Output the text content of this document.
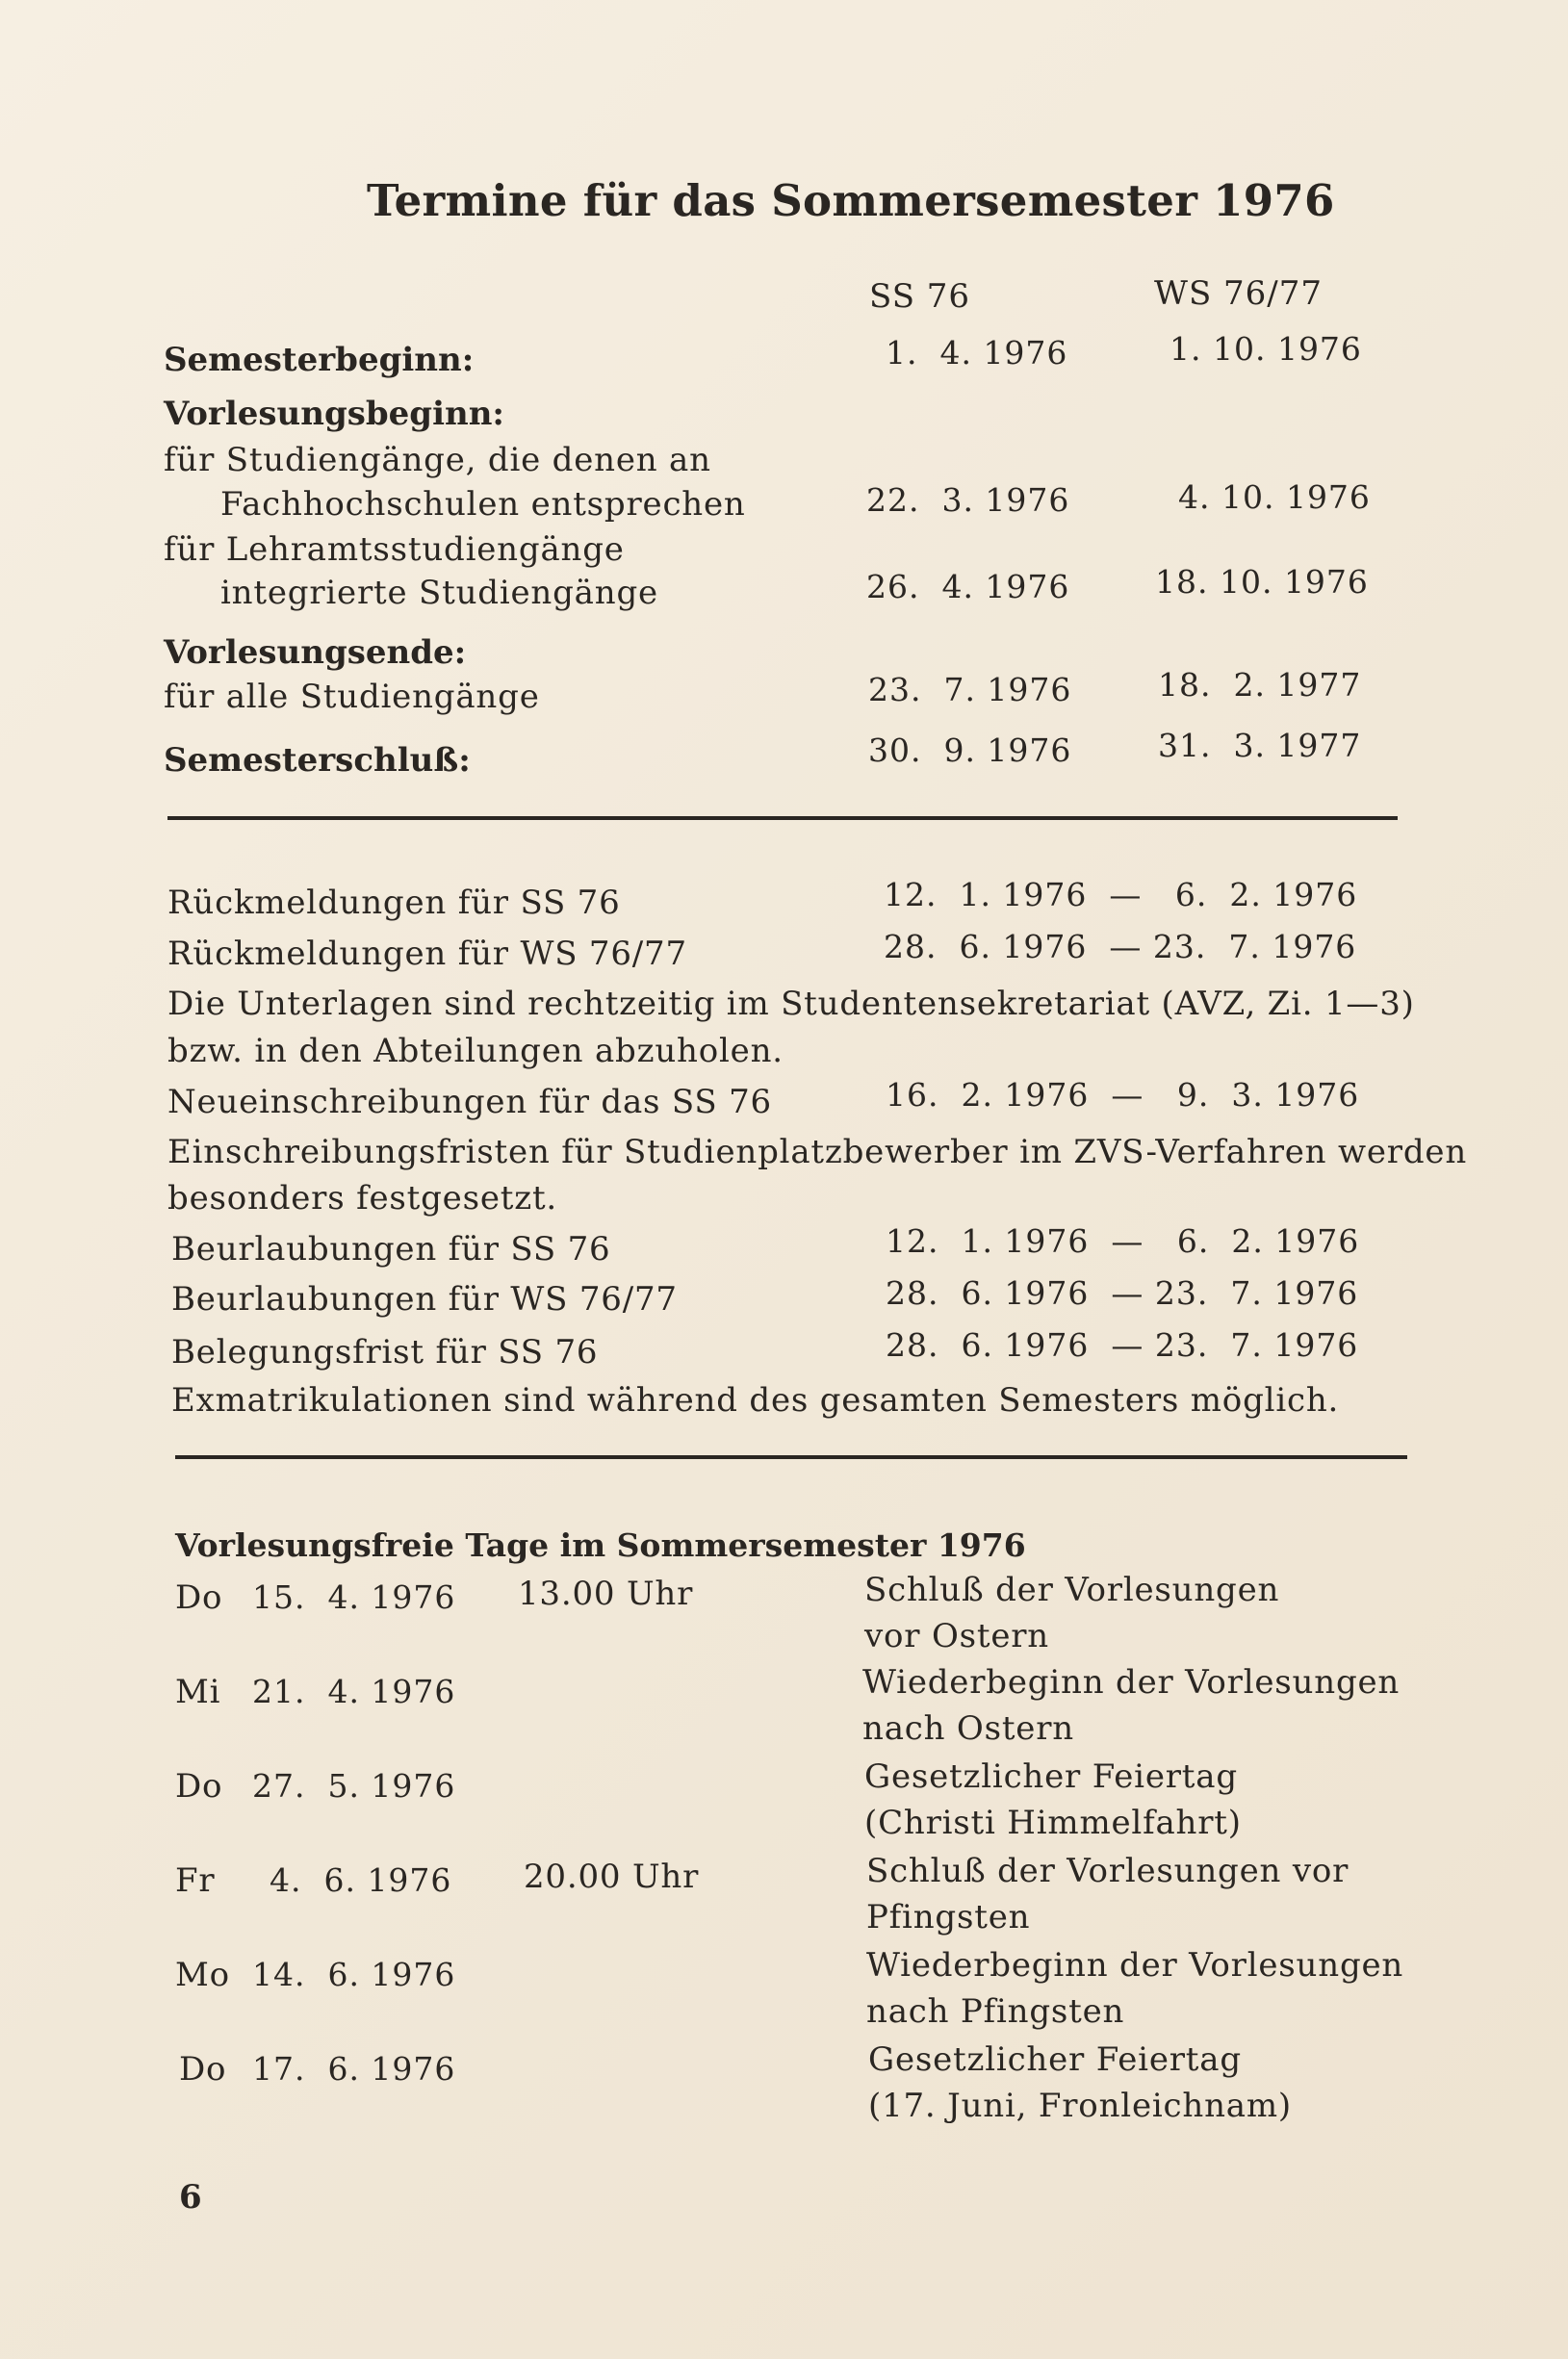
Termine für das Sommersemester 1976
SS 76	WS 76/77
Semesterbeginn:	1.  4. 1976	1. 10. 1976
Vorlesungsbeginn:
für Studiengänge, die denen an
Fachhochschulen entsprechen	22.  3. 1976	4. 10. 1976
für Lehramtsstudiengänge
integrierte Studiengänge	26.  4. 1976	18. 10. 1976
Vorlesungsende:
für alle Studiengänge	23.  7. 1976	18.  2. 1977
Semesterschluß:	30.  9. 1976	31.  3. 1977
Rückmeldungen für SS 76	12.  1. 1976  —   6.  2. 1976
Rückmeldungen für WS 76/77	28.  6. 1976  — 23.  7. 1976
Die Unterlagen sind rechtzeitig im Studentensekretariat (AVZ, Zi. 1—3)
bzw. in den Abteilungen abzuholen.
Neueinschreibungen für das SS 76	16.  2. 1976  —   9.  3. 1976
Einschreibungsfristen für Studienplatzbewerber im ZVS-Verfahren werden
besonders festgesetzt.
Beurlaubungen für SS 76	12.  1. 1976  —   6.  2. 1976
Beurlaubungen für WS 76/77	28.  6. 1976  — 23.  7. 1976
Belegungsfrist für SS 76	28.  6. 1976  — 23.  7. 1976
Exmatrikulationen sind während des gesamten Semesters möglich.
Vorlesungsfreie Tage im Sommersemester 1976
Do 15.  4. 1976 13.00 Uhr	Schluß der Vorlesungen
vor Ostern
Mi 21.  4. 1976	Wiederbeginn der Vorlesungen
nach Ostern
Do 27.  5. 1976	Gesetzlicher Feiertag
(Christi Himmelfahrt)
Fr 4.  6. 1976 20.00 Uhr	Schluß der Vorlesungen vor
Pfingsten
Mo 14.  6. 1976	Wiederbeginn der Vorlesungen
nach Pfingsten
Do 17.  6. 1976	Gesetzlicher Feiertag
(17. Juni, Fronleichnam)
6
